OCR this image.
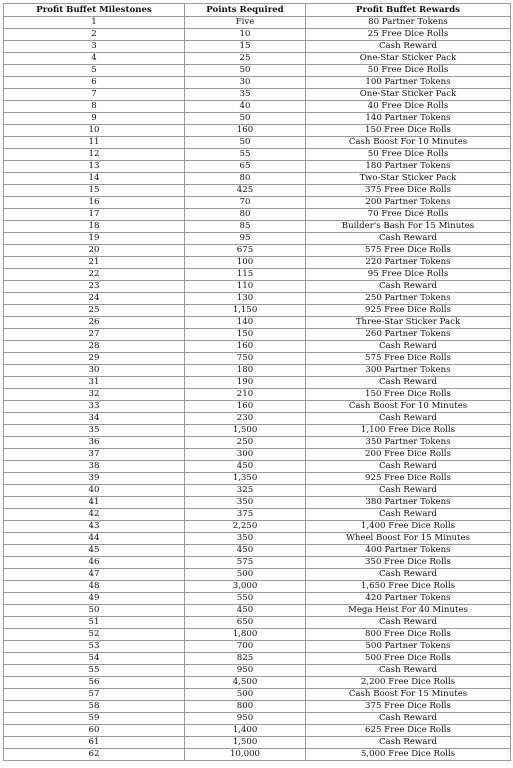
Profit Buffet Milestones	Points Required	Profit Buffet Rewards
1	Five	80 Partner Tokens
2	10	25 Free Dice Rolls
3	15	Cash Reward
4	25	One-Star Sticker Pack
5	50	50 Free Dice Rolls
6	30	100 Partner Tokens
7	35	One-Star Sticker Pack
8	40	40 Free Dice Rolls
9	50	140 Partner Tokens
10	160	150 Free Dice Rolls
11	50	Cash Boost For 10 Minutes
12	55	50 Free Dice Rolls
13	65	180 Partner Tokens
14	80	Two-Star Sticker Pack
15	425	375 Free Dice Rolls
16	70	200 Partner Tokens
17	80	70 Free Dice Rolls
18	85	Builder's Bash For 15 Minutes
19	95	Cash Reward
20	675	575 Free Dice Rolls
21	100	220 Partner Tokens
22	115	95 Free Dice Rolls
23	110	Cash Reward
24	130	250 Partner Tokens
25	1,150	925 Free Dice Rolls
26	140	Three-Star Sticker Pack
27	150	260 Partner Tokens
28	160	Cash Reward
29	750	575 Free Dice Rolls
30	180	300 Partner Tokens
31	190	Cash Reward
32	210	150 Free Dice Rolls
33	160	Cash Boost For 10 Minutes
34	230	Cash Reward
35	1,500	1,100 Free Dice Rolls
36	250	350 Partner Tokens
37	300	200 Free Dice Rolls
38	450	Cash Reward
39	1,350	925 Free Dice Rolls
40	325	Cash Reward
41	350	380 Partner Tokens
42	375	Cash Reward
43	2,250	1,400 Free Dice Rolls
44	350	Wheel Boost For 15 Minutes
45	450	400 Partner Tokens
46	575	350 Free Dice Rolls
47	500	Cash Reward
48	3,000	1,650 Free Dice Rolls
49	550	420 Partner Tokens
50	450	Mega Heist For 40 Minutes
51	650	Cash Reward
52	1,800	800 Free Dice Rolls
53	700	500 Partner Tokens
54	825	500 Free Dice Rolls
55	950	Cash Reward
56	4,500	2,200 Free Dice Rolls
57	500	Cash Boost For 15 Minutes
58	800	375 Free Dice Rolls
59	950	Cash Reward
60	1,400	625 Free Dice Rolls
61	1,500	Cash Reward
62	10,000	5,000 Free Dice Rolls
